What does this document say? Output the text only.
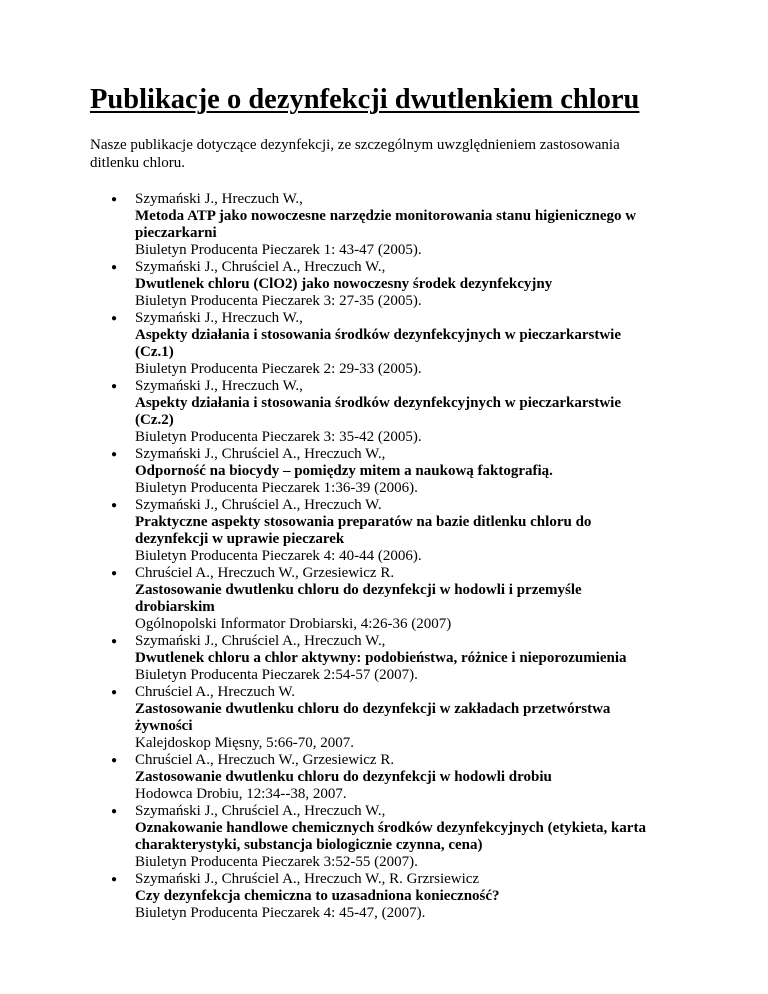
Publikacje o dezynfekcji dwutlenkiem chloru

Nasze publikacje dotyczące dezynfekcji, ze szczególnym uwzględnieniem zastosowania ditlenku chloru.

● Szymański J., Hreczuch W.,
Metoda ATP jako nowoczesne narzędzie monitorowania stanu higienicznego w pieczarkarni
Biuletyn Producenta Pieczarek 1: 43-47 (2005).
● Szymański J., Chruściel A., Hreczuch W.,
Dwutlenek chloru (ClO2) jako nowoczesny środek dezynfekcyjny
Biuletyn Producenta Pieczarek 3: 27-35 (2005).
● Szymański J., Hreczuch W.,
Aspekty działania i stosowania środków dezynfekcyjnych w pieczarkarstwie (Cz.1)
Biuletyn Producenta Pieczarek 2: 29-33 (2005).
● Szymański J., Hreczuch W.,
Aspekty działania i stosowania środków dezynfekcyjnych w pieczarkarstwie (Cz.2)
Biuletyn Producenta Pieczarek 3: 35-42 (2005).
● Szymański J., Chruściel A., Hreczuch W.,
Odporność na biocydy – pomiędzy mitem a naukową faktografią.
Biuletyn Producenta Pieczarek 1:36-39 (2006).
● Szymański J., Chruściel A., Hreczuch W.
Praktyczne aspekty stosowania preparatów na bazie ditlenku chloru do dezynfekcji w uprawie pieczarek
Biuletyn Producenta Pieczarek 4: 40-44 (2006).
● Chruściel A., Hreczuch W., Grzesiewicz R.
Zastosowanie dwutlenku chloru do dezynfekcji w hodowli i przemyśle drobiarskim
Ogólnopolski Informator Drobiarski, 4:26-36 (2007)
● Szymański J., Chruściel A., Hreczuch W.,
Dwutlenek chloru a chlor aktywny: podobieństwa, różnice i nieporozumienia
Biuletyn Producenta Pieczarek 2:54-57 (2007).
● Chruściel A., Hreczuch W.
Zastosowanie dwutlenku chloru do dezynfekcji w zakładach przetwórstwa żywności
Kalejdoskop Mięsny, 5:66-70, 2007.
● Chruściel A., Hreczuch W., Grzesiewicz R.
Zastosowanie dwutlenku chloru do dezynfekcji w hodowli drobiu
Hodowca Drobiu, 12:34--38, 2007.
● Szymański J., Chruściel A., Hreczuch W.,
Oznakowanie handlowe chemicznych środków dezynfekcyjnych (etykieta, karta charakterystyki, substancja biologicznie czynna, cena)
Biuletyn Producenta Pieczarek 3:52-55 (2007).
● Szymański J., Chruściel A., Hreczuch W., R. Grzrsiewicz
Czy dezynfekcja chemiczna to uzasadniona konieczność?
Biuletyn Producenta Pieczarek 4: 45-47, (2007).
